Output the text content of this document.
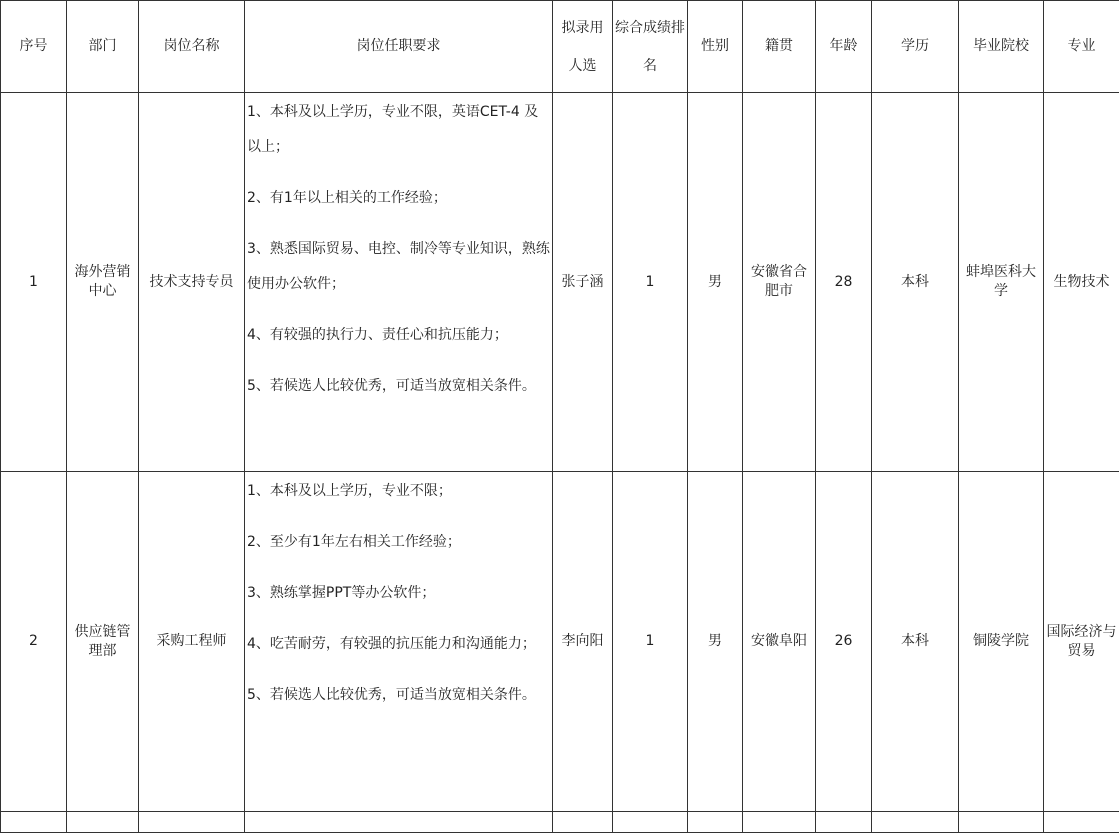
序号	部门	岗位名称	岗位任职要求	拟录用人选	综合成绩排名	性别	籍贯	年龄	学历	毕业院校	专业
1	海外营销中心	技术支持专员	1、本科及以上学历，专业不限，英语CET-4 及以上；

2、有1年以上相关的工作经验；

3、熟悉国际贸易、电控、制冷等专业知识，熟练使用办公软件；

4、有较强的执行力、责任心和抗压能力；

5、若候选人比较优秀，可适当放宽相关条件。	张子涵	1	男	安徽省合肥市	28	本科	蚌埠医科大学	生物技术
2	供应链管理部	采购工程师	1、本科及以上学历，专业不限；

2、至少有1年左右相关工作经验；

3、熟练掌握PPT等办公软件；

4、吃苦耐劳，有较强的抗压能力和沟通能力；

5、若候选人比较优秀，可适当放宽相关条件。	李向阳	1	男	安徽阜阳	26	本科	铜陵学院	国际经济与贸易
